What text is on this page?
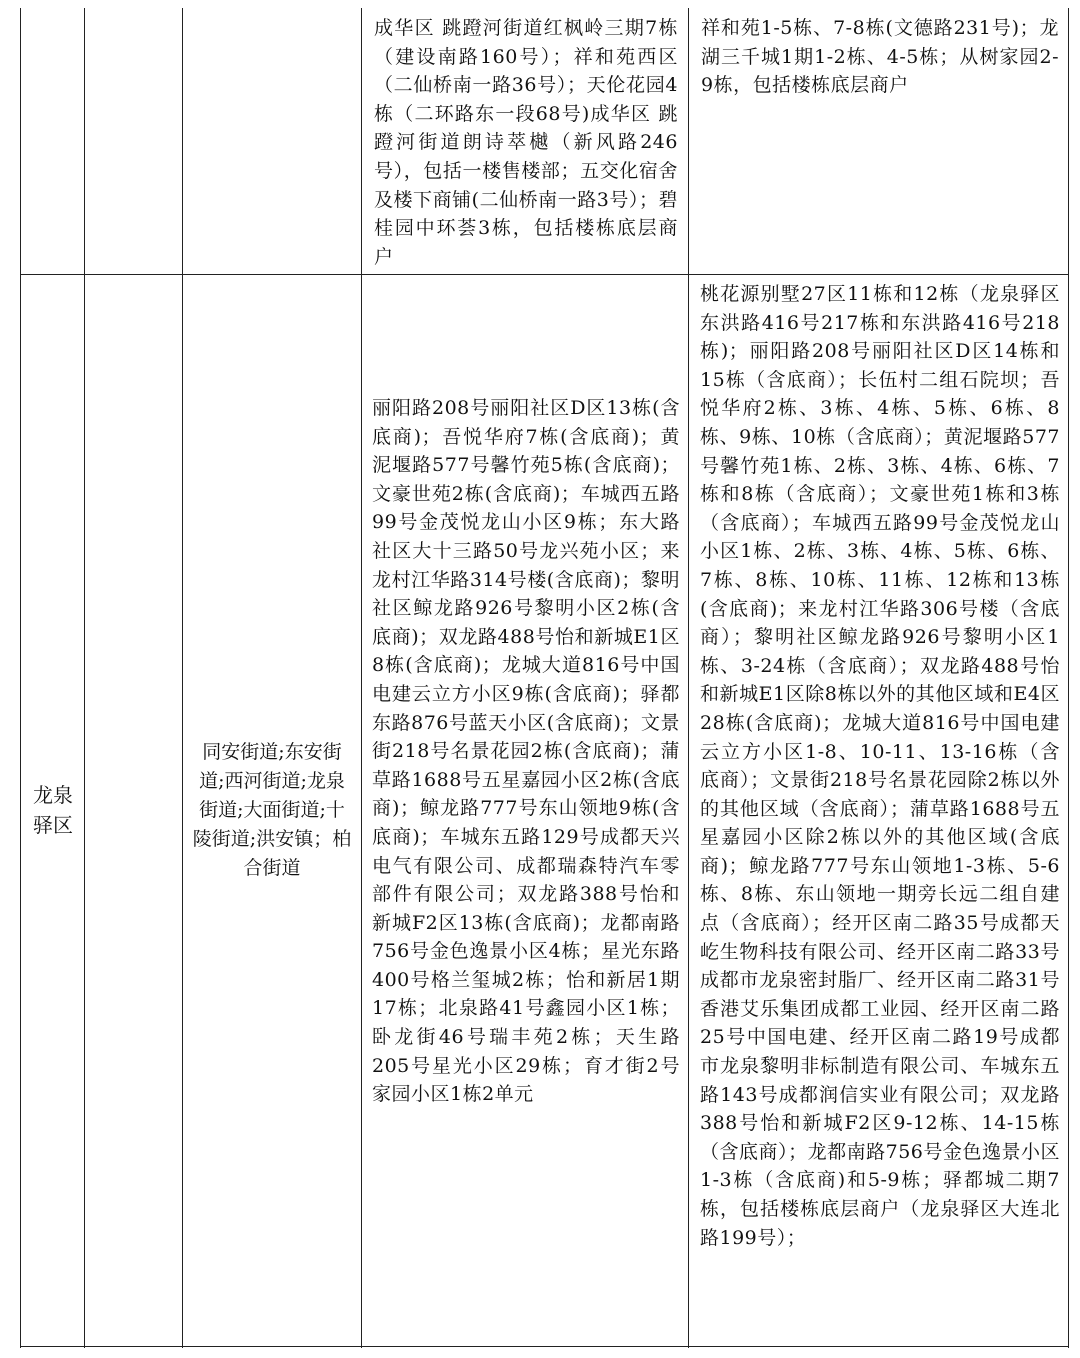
成华区 跳蹬河街道红枫岭三期7栋（建设南路160号）；祥和苑西区（二仙桥南一路36号）；天伦花园4栋（二环路东一段68号)成华区 跳蹬河街道朗诗萃樾（新风路246号），包括一楼售楼部；五交化宿舍及楼下商铺(二仙桥南一路3号）；碧桂园中环荟3栋，包括楼栋底层商户
祥和苑1-5栋、7-8栋(文德路231号)；龙湖三千城1期1-2栋、4-5栋；从树家园2-9栋，包括楼栋底层商户
龙泉驿区
同安街道;东安街道;西河街道;龙泉街道;大面街道;十陵街道;洪安镇；柏合街道
丽阳路208号丽阳社区D区13栋(含底商)；吾悦华府7栋(含底商)；黄泥堰路577号馨竹苑5栋(含底商)；文豪世苑2栋(含底商)；车城西五路99号金茂悦龙山小区9栋；东大路社区大十三路50号龙兴苑小区；来龙村江华路314号楼(含底商)；黎明社区鲸龙路926号黎明小区2栋(含底商)；双龙路488号怡和新城E1区8栋(含底商)；龙城大道816号中国电建云立方小区9栋(含底商)；驿都东路876号蓝天小区(含底商)；文景街218号名景花园2栋(含底商)；蒲草路1688号五星嘉园小区2栋(含底商)；鲸龙路777号东山领地9栋(含底商)；车城东五路129号成都天兴电气有限公司、成都瑞森特汽车零部件有限公司；双龙路388号怡和新城F2区13栋(含底商)；龙都南路756号金色逸景小区4栋；星光东路400号格兰玺城2栋；怡和新居1期17栋；北泉路41号鑫园小区1栋；卧龙街46号瑞丰苑2栋；天生路205号星光小区29栋；育才街2号家园小区1栋2单元
桃花源别墅27区11栋和12栋（龙泉驿区东洪路416号217栋和东洪路416号218栋)；丽阳路208号丽阳社区D区14栋和15栋（含底商）；长伍村二组石院坝；吾悦华府2栋、3栋、4栋、5栋、6栋、8栋、9栋、10栋（含底商）；黄泥堰路577号馨竹苑1栋、2栋、3栋、4栋、6栋、7栋和8栋（含底商）；文豪世苑1栋和3栋（含底商）；车城西五路99号金茂悦龙山小区1栋、2栋、3栋、4栋、5栋、6栋、7栋、8栋、10栋、11栋、12栋和13栋(含底商)；来龙村江华路306号楼（含底商）；黎明社区鲸龙路926号黎明小区1栋、3-24栋（含底商）；双龙路488号怡和新城E1区除8栋以外的其他区域和E4区28栋(含底商)；龙城大道816号中国电建云立方小区1-8、10-11、13-16栋（含底商）；文景街218号名景花园除2栋以外的其他区域（含底商）；蒲草路1688号五星嘉园小区除2栋以外的其他区域(含底商)；鲸龙路777号东山领地1-3栋、5-6栋、8栋、东山领地一期旁长远二组自建点（含底商）；经开区南二路35号成都天屹生物科技有限公司、经开区南二路33号成都市龙泉密封脂厂、经开区南二路31号香港艾乐集团成都工业园、经开区南二路25号中国电建、经开区南二路19号成都市龙泉黎明非标制造有限公司、车城东五路143号成都润信实业有限公司；双龙路388号怡和新城F2区9-12栋、14-15栋（含底商）；龙都南路756号金色逸景小区1-3栋（含底商)和5-9栋；驿都城二期7栋，包括楼栋底层商户（龙泉驿区大连北路199号）；
